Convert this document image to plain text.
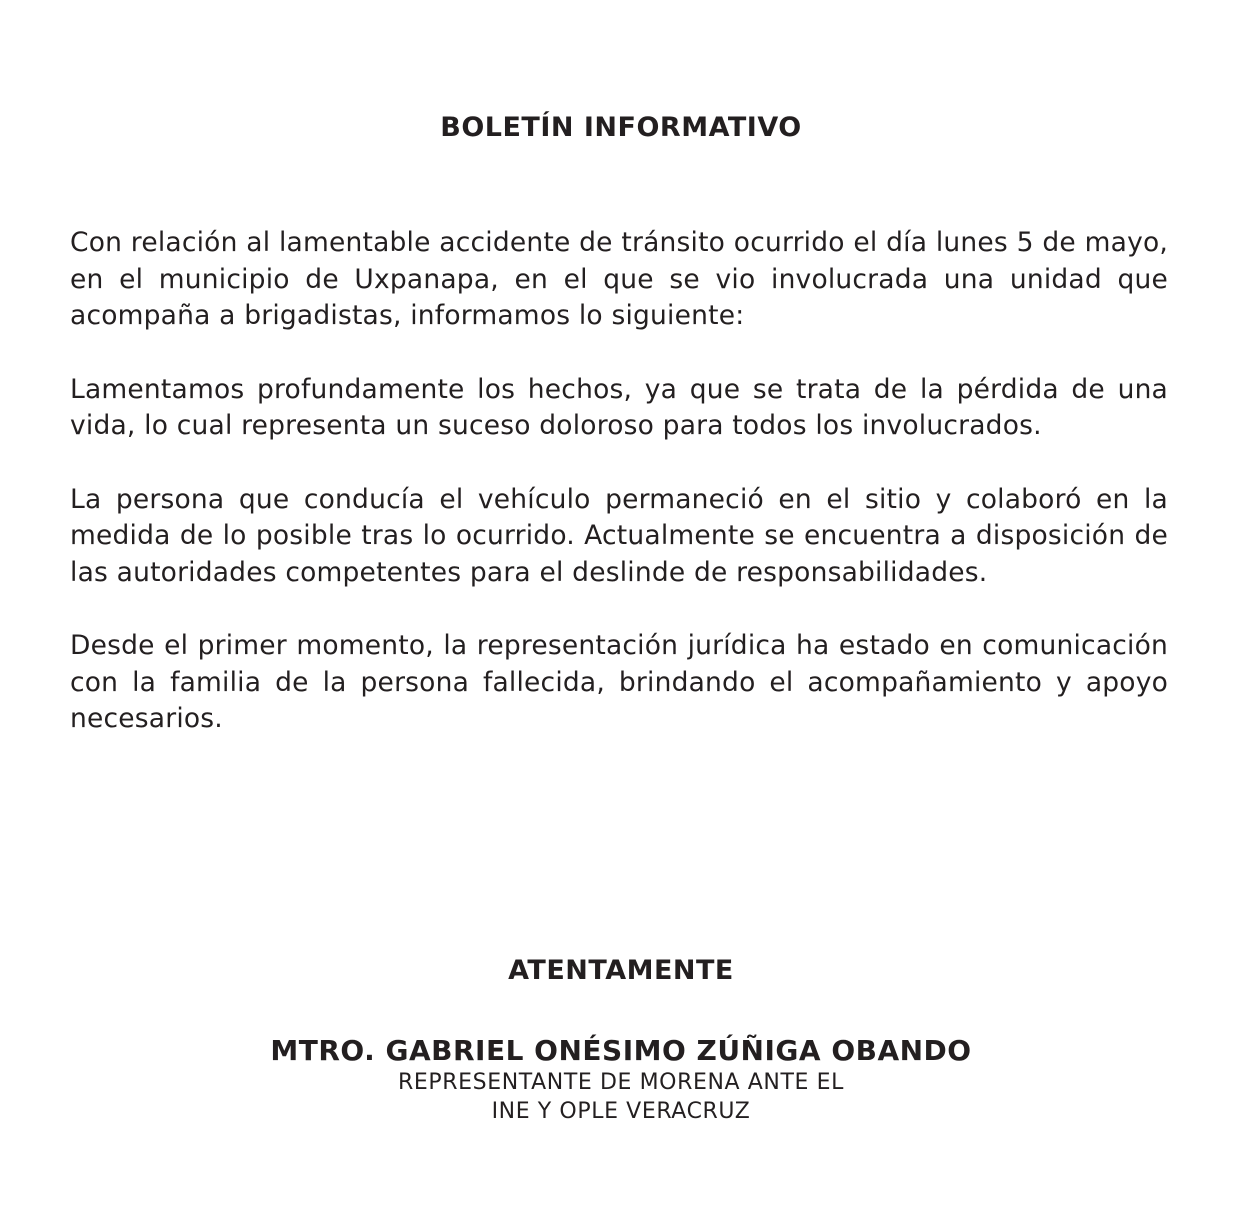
BOLETÍN INFORMATIVO

Con relación al lamentable accidente de tránsito ocurrido el día lunes 5 de mayo, en el municipio de Uxpanapa, en el que se vio involucrada una unidad que acompaña a brigadistas, informamos lo siguiente:

Lamentamos profundamente los hechos, ya que se trata de la pérdida de una vida, lo cual representa un suceso doloroso para todos los involucrados.

La persona que conducía el vehículo permaneció en el sitio y colaboró en la medida de lo posible tras lo ocurrido. Actualmente se encuentra a disposición de las autoridades competentes para el deslinde de responsabilidades.

Desde el primer momento, la representación jurídica ha estado en comunicación con la familia de la persona fallecida, brindando el acompañamiento y apoyo necesarios.

ATENTAMENTE

MTRO. GABRIEL ONÉSIMO ZÚÑIGA OBANDO

REPRESENTANTE DE MORENA ANTE EL

INE Y OPLE VERACRUZ
